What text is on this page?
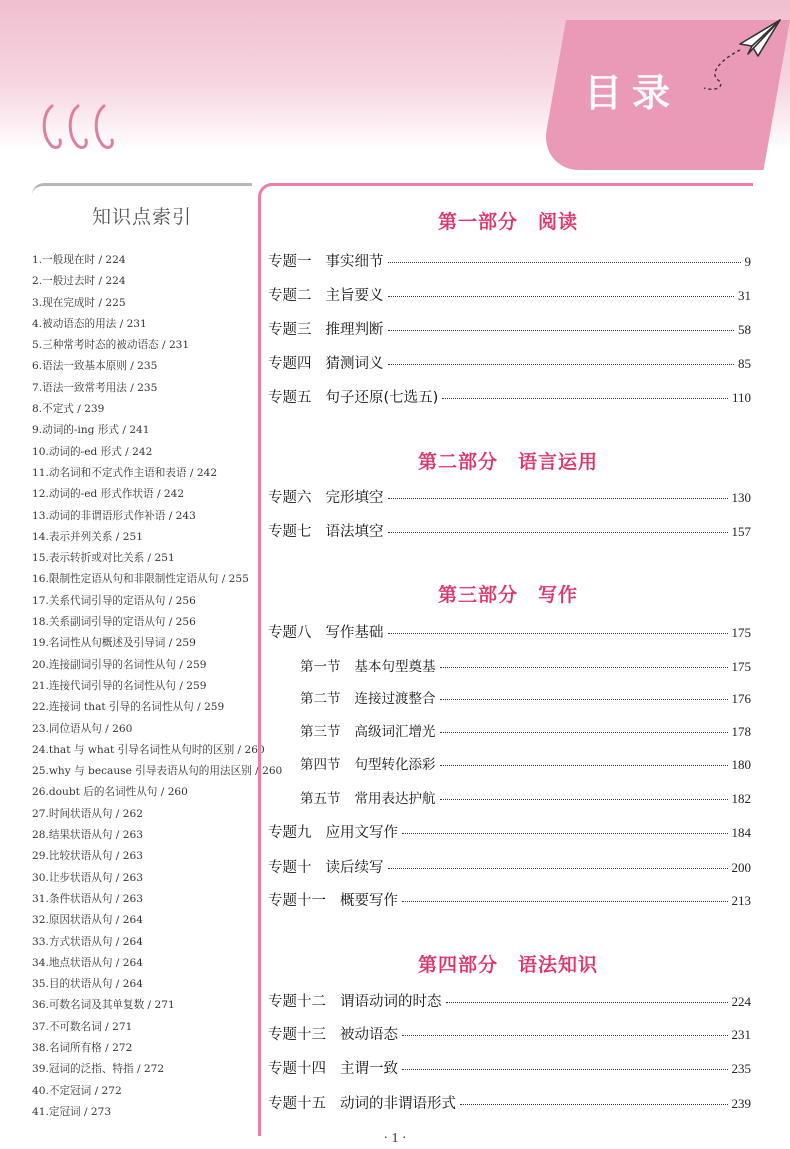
目录
知识点索引
1.一般现在时 / 224
2.一般过去时 / 224
3.现在完成时 / 225
4.被动语态的用法 / 231
5.三种常考时态的被动语态 / 231
6.语法一致基本原则 / 235
7.语法一致常考用法 / 235
8.不定式 / 239
9.动词的-ing 形式 / 241
10.动词的-ed 形式 / 242
11.动名词和不定式作主语和表语 / 242
12.动词的-ed 形式作状语 / 242
13.动词的非谓语形式作补语 / 243
14.表示并列关系 / 251
15.表示转折或对比关系 / 251
16.限制性定语从句和非限制性定语从句 / 255
17.关系代词引导的定语从句 / 256
18.关系副词引导的定语从句 / 256
19.名词性从句概述及引导词 / 259
20.连接副词引导的名词性从句 / 259
21.连接代词引导的名词性从句 / 259
22.连接词 that 引导的名词性从句 / 259
23.同位语从句 / 260
24.that 与 what 引导名词性从句时的区别 / 260
25.why 与 because 引导表语从句的用法区别 / 260
26.doubt 后的名词性从句 / 260
27.时间状语从句 / 262
28.结果状语从句 / 263
29.比较状语从句 / 263
30.让步状语从句 / 263
31.条件状语从句 / 263
32.原因状语从句 / 264
33.方式状语从句 / 264
34.地点状语从句 / 264
35.目的状语从句 / 264
36.可数名词及其单复数 / 271
37.不可数名词 / 271
38.名词所有格 / 272
39.冠词的泛指、特指 / 272
40.不定冠词 / 272
41.定冠词 / 273
第一部分　阅读
专题一 事实细节	9
专题二 主旨要义	31
专题三 推理判断	58
专题四 猜测词义	85
专题五 句子还原(七选五)	110
第二部分　语言运用
专题六 完形填空	130
专题七 语法填空	157
第三部分　写作
专题八 写作基础	175
第一节 基本句型奠基	175
第二节 连接过渡整合	176
第三节 高级词汇增光	178
第四节 句型转化添彩	180
第五节 常用表达护航	182
专题九 应用文写作	184
专题十 读后续写	200
专题十一 概要写作	213
第四部分　语法知识
专题十二 谓语动词的时态	224
专题十三 被动语态	231
专题十四 主谓一致	235
专题十五 动词的非谓语形式	239
· 1 ·
